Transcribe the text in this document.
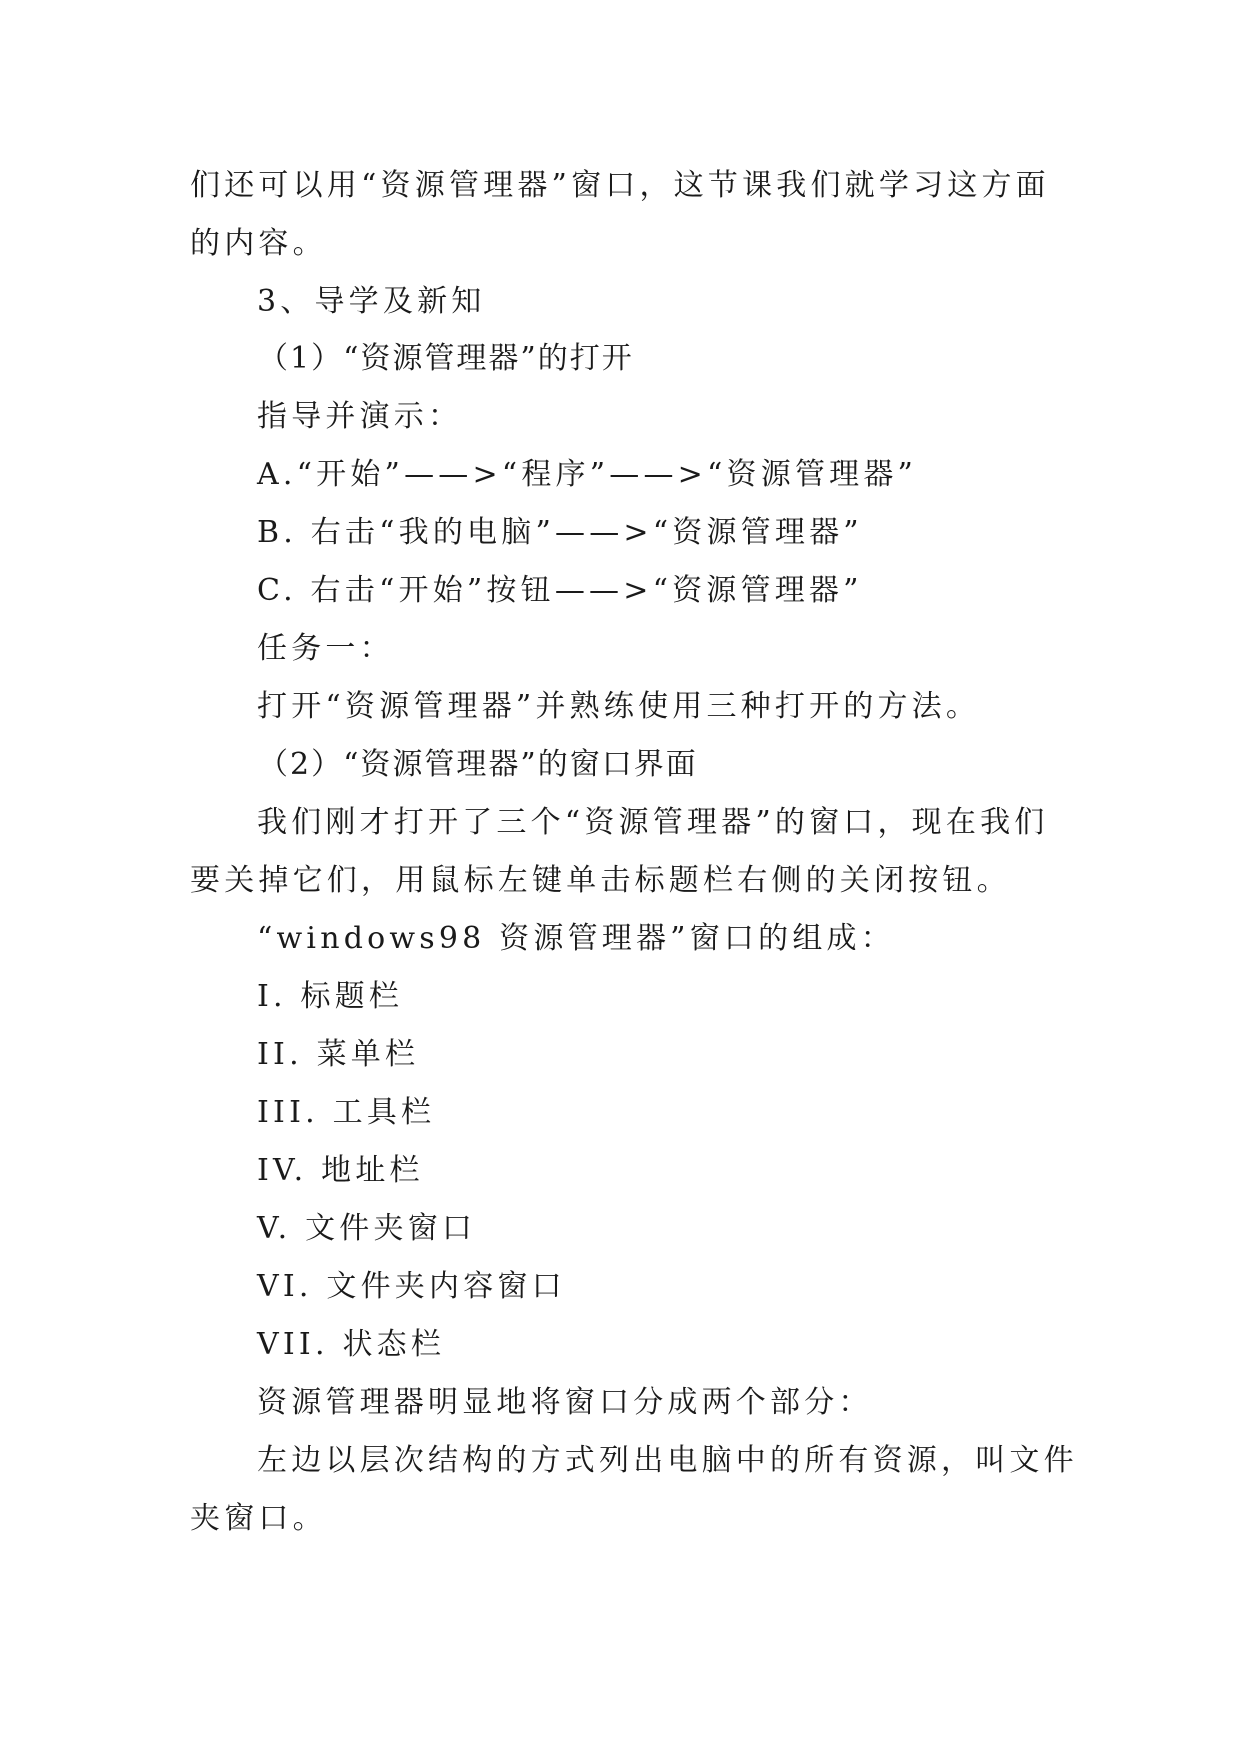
们还可以用“资源管理器”窗口，这节课我们就学习这方面
的内容。
3、导学及新知
（1）“资源管理器”的打开
指导并演示：
A.“开始”——>“程序”——>“资源管理器”
B. 右击“我的电脑”——>“资源管理器”
C. 右击“开始”按钮——>“资源管理器”
任务一：
打开“资源管理器”并熟练使用三种打开的方法。
（2）“资源管理器”的窗口界面
我们刚才打开了三个“资源管理器”的窗口，现在我们
要关掉它们，用鼠标左键单击标题栏右侧的关闭按钮。
“windows98 资源管理器”窗口的组成：
I. 标题栏
II. 菜单栏
III. 工具栏
IV. 地址栏
V. 文件夹窗口
VI. 文件夹内容窗口
VII. 状态栏
资源管理器明显地将窗口分成两个部分：
左边以层次结构的方式列出电脑中的所有资源，叫文件
夹窗口。
